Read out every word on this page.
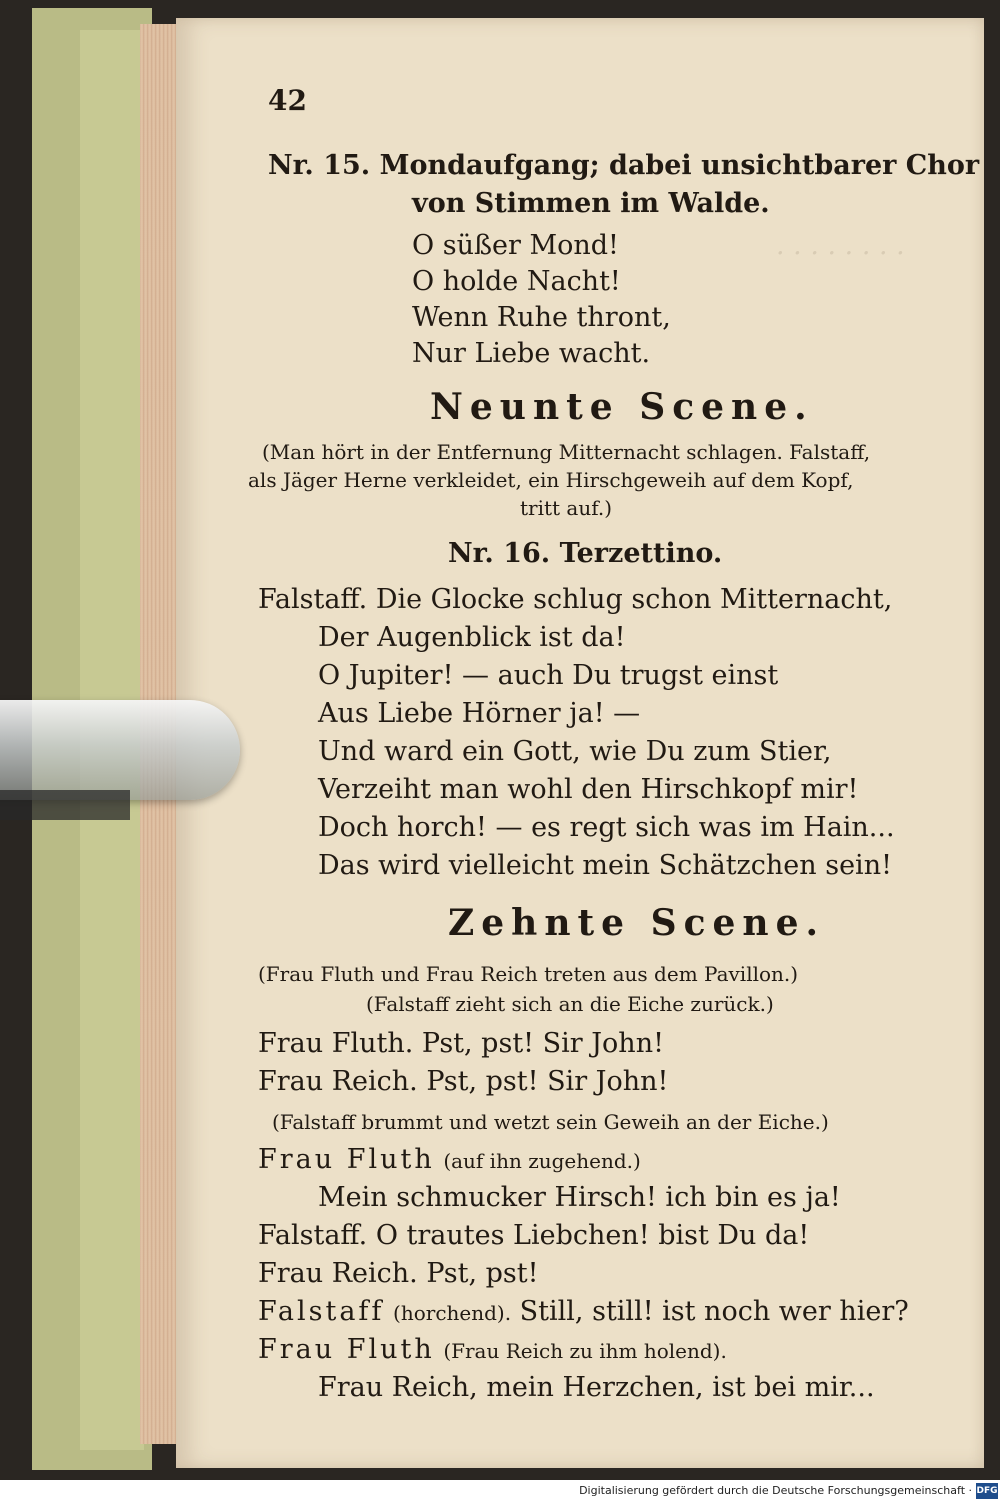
· · · · · · · ·
42
Nr. 15. Mondaufgang; dabei unsichtbarer Chor
von Stimmen im Walde.
O süßer Mond!
O holde Nacht!
Wenn Ruhe thront,
Nur Liebe wacht.
Neunte Scene.
(Man hört in der Entfernung Mitternacht schlagen. Falstaff,
als Jäger Herne verkleidet, ein Hirschgeweih auf dem Kopf,
tritt auf.)
Nr. 16. Terzettino.
Falstaff. Die Glocke schlug schon Mitternacht,
Der Augenblick ist da!
O Jupiter! — auch Du trugst einst
Aus Liebe Hörner ja! —
Und ward ein Gott, wie Du zum Stier,
Verzeiht man wohl den Hirschkopf mir!
Doch horch! — es regt sich was im Hain...
Das wird vielleicht mein Schätzchen sein!
Zehnte Scene.
(Frau Fluth und Frau Reich treten aus dem Pavillon.)
(Falstaff zieht sich an die Eiche zurück.)
Frau Fluth. Pst, pst! Sir John!
Frau Reich. Pst, pst! Sir John!
(Falstaff brummt und wetzt sein Geweih an der Eiche.)
Frau Fluth (auf ihn zugehend.)
Mein schmucker Hirsch! ich bin es ja!
Falstaff. O trautes Liebchen! bist Du da!
Frau Reich. Pst, pst!
Falstaff (horchend). Still, still! ist noch wer hier?
Frau Fluth (Frau Reich zu ihm holend).
Frau Reich, mein Herzchen, ist bei mir...
Digitalisierung gefördert durch die Deutsche Forschungsgemeinschaft · DFG
